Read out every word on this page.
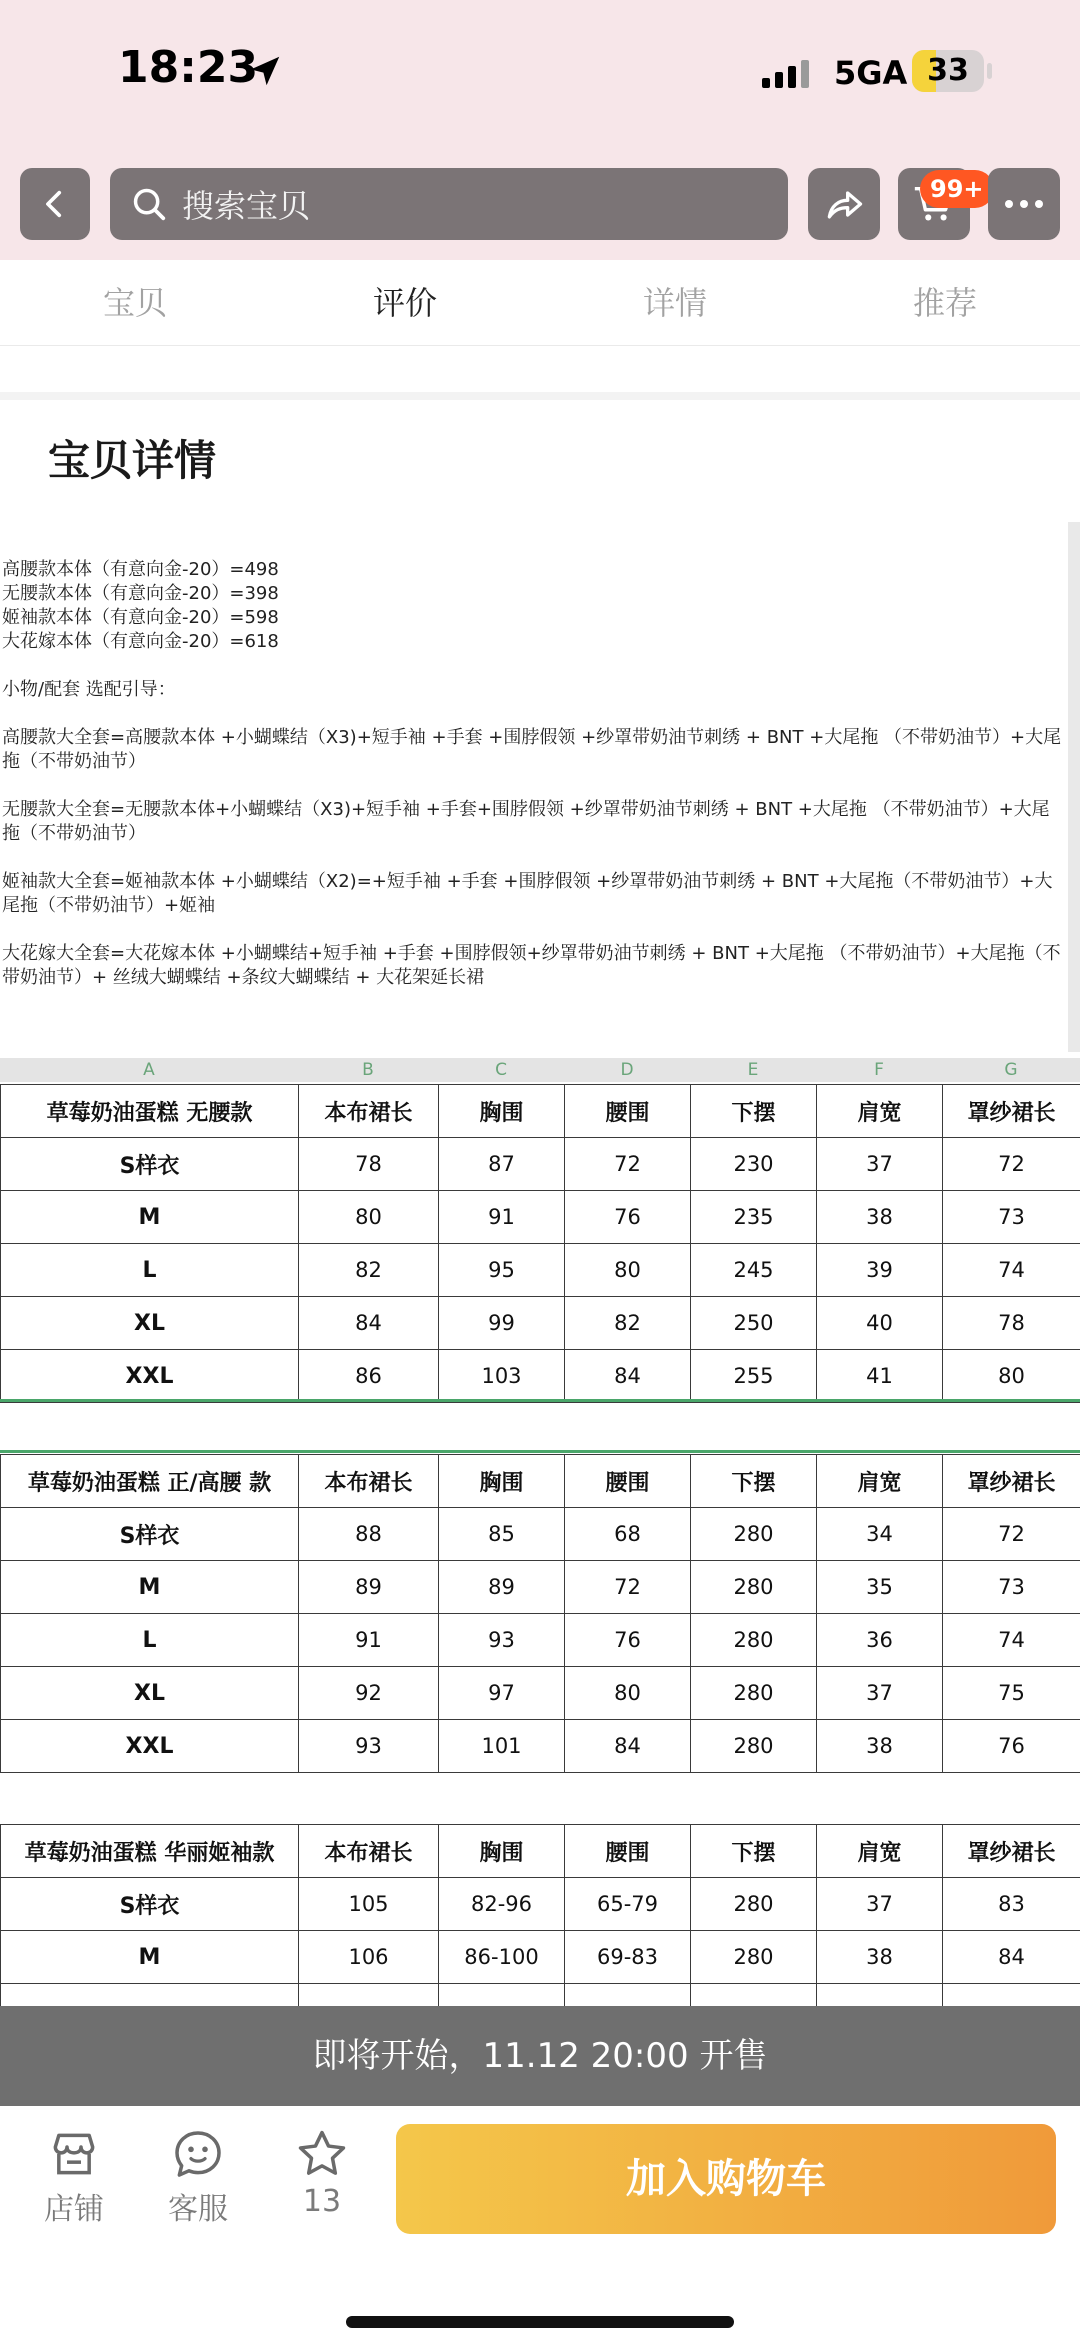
18:23	5GA 33
搜索宝贝	99+
宝贝	评价	详情	推荐
宝贝详情
高腰款本体（有意向金-20）=498
无腰款本体（有意向金-20）=398
姬袖款本体（有意向金-20）=598
大花嫁本体（有意向金-20）=618
小物/配套 选配引导：
高腰款大全套=高腰款本体 +小蝴蝶结（X3)+短手袖 +手套 +围脖假领 +纱罩带奶油节刺绣 + BNT +大尾拖 （不带奶油节）+大尾拖（不带奶油节）
无腰款大全套=无腰款本体+小蝴蝶结（X3)+短手袖 +手套+围脖假领 +纱罩带奶油节刺绣 + BNT +大尾拖 （不带奶油节）+大尾拖（不带奶油节）
姬袖款大全套=姬袖款本体 +小蝴蝶结（X2)=+短手袖 +手套 +围脖假领 +纱罩带奶油节刺绣 + BNT +大尾拖（不带奶油节）+大尾拖（不带奶油节）+姬袖
大花嫁大全套=大花嫁本体 +小蝴蝶结+短手袖 +手套 +围脖假领+纱罩带奶油节刺绣 + BNT +大尾拖 （不带奶油节）+大尾拖（不带奶油节）+ 丝绒大蝴蝶结 +条纹大蝴蝶结 + 大花架延长裙
A	B	C	D	E	F	G
草莓奶油蛋糕 无腰款	本布裙长	胸围	腰围	下摆	肩宽	罩纱裙长
S样衣	78	87	72	230	37	72
M	80	91	76	235	38	73
L	82	95	80	245	39	74
XL	84	99	82	250	40	78
XXL	86	103	84	255	41	80
草莓奶油蛋糕 正/高腰 款	本布裙长	胸围	腰围	下摆	肩宽	罩纱裙长
S样衣	88	85	68	280	34	72
M	89	89	72	280	35	73
L	91	93	76	280	36	74
XL	92	97	80	280	37	75
XXL	93	101	84	280	38	76
草莓奶油蛋糕 华丽姬袖款	本布裙长	胸围	腰围	下摆	肩宽	罩纱裙长
S样衣	105	82-96	65-79	280	37	83
M	106	86-100	69-83	280	38	84

即将开始，11.12 20:00 开售
店铺	客服	13	加入购物车
